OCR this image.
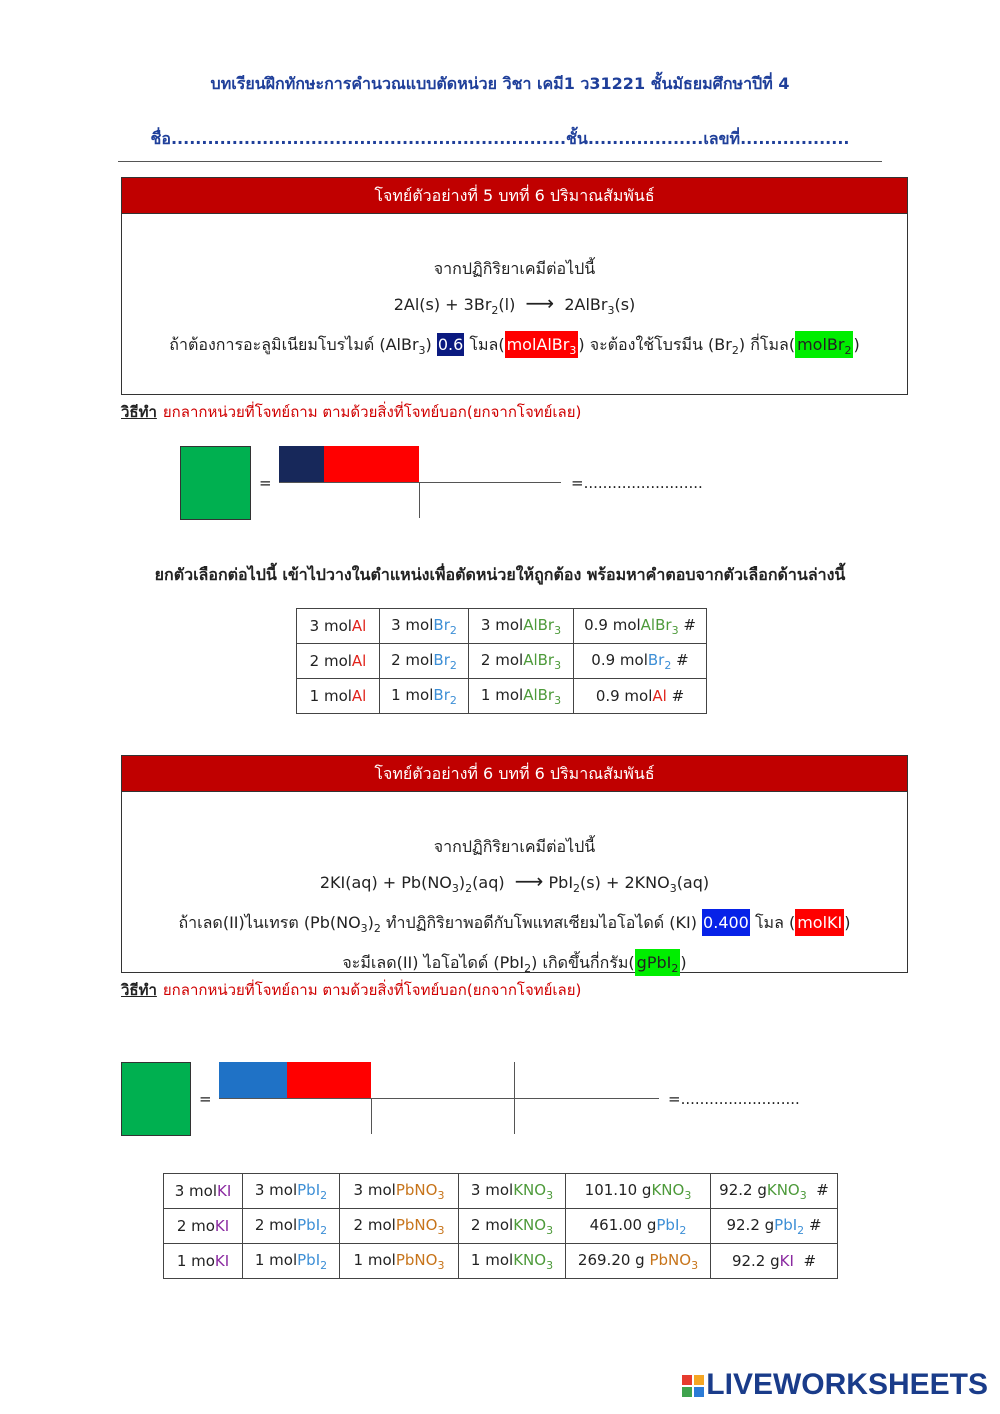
บทเรียนฝึกทักษะการคำนวณแบบตัดหน่วย วิชา เคมี1 ว31221 ชั้นมัธยมศึกษาปีที่ 4
ชื่อ.................................................................ชั้น...................เลขที่..................
โจทย์ตัวอย่างที่ 5 บทที่ 6 ปริมาณสัมพันธ์
จากปฏิกิริยาเคมีต่อไปนี้
$2Al(s) + 3Br_2(l)$  ⟶  2AlBr$_3$(s)
ถ้าต้องการอะลูมิเนียมโบรไมด์ (AlBr$_3$) 0.6 โมล( molAlBr$_3$ ) จะต้องใช้โบรมีน $(Br_2)$ กี่โมล( molBr$_2$ )
วิธีทำ ยกลากหน่วยที่โจทย์ถาม ตามด้วยสิ่งที่โจทย์บอก(ยกจากโจทย์เลย)
=	=.........................
ยกตัวเลือกต่อไปนี้ เข้าไปวางในตำแหน่งเพื่อตัดหน่วยให้ถูกต้อง พร้อมหาคำตอบจากตัวเลือกด้านล่างนี้
3 molAl	3 molBr$_2$	3 molAlBr$_3$	0.9 molAlBr$_3$ #
2 molAl	2 molBr$_2$	2 molAlBr$_3$	0.9 molBr$_2$ #
1 molAl	1 molBr$_2$	1 molAlBr$_3$	0.9 molAl #
โจทย์ตัวอย่างที่ 6 บทที่ 6 ปริมาณสัมพันธ์
จากปฏิกิริยาเคมีต่อไปนี้
$2KI(aq) + Pb(NO_3)_2(aq)$  ⟶ $PbI_2(s) + 2KNO_3(aq)$
ถ้าเลด(II)ไนเทรต ($Pb(NO_3)_2$ ทำปฏิกิริยาพอดีกับโพแทสเซียมไอโอไดด์ (KI) 0.400 โมล ( molKI )
จะมีเลด(II) ไอโอไดด์ (PbI$_2$) เกิดขึ้นกี่กรัม( gPbI$_2$ )
วิธีทำ ยกลากหน่วยที่โจทย์ถาม ตามด้วยสิ่งที่โจทย์บอก(ยกจากโจทย์เลย)
=	=.........................
3 molKI	3 molPbI$_2$	3 molPbNO$_3$	3 molKNO$_3$	101.10 gKNO$_3$	92.2 gKNO$_3$  #
2 moKI	2 molPbI$_2$	2 molPbNO$_3$	2 molKNO$_3$	461.00 gPbI$_2$	92.2 gPbI$_2$ #
1 moKI	1 molPbI$_2$	1 molPbNO$_3$	1 molKNO$_3$	269.20 g PbNO$_3$	92.2 gKI  #
LIVEWORKSHEETS
